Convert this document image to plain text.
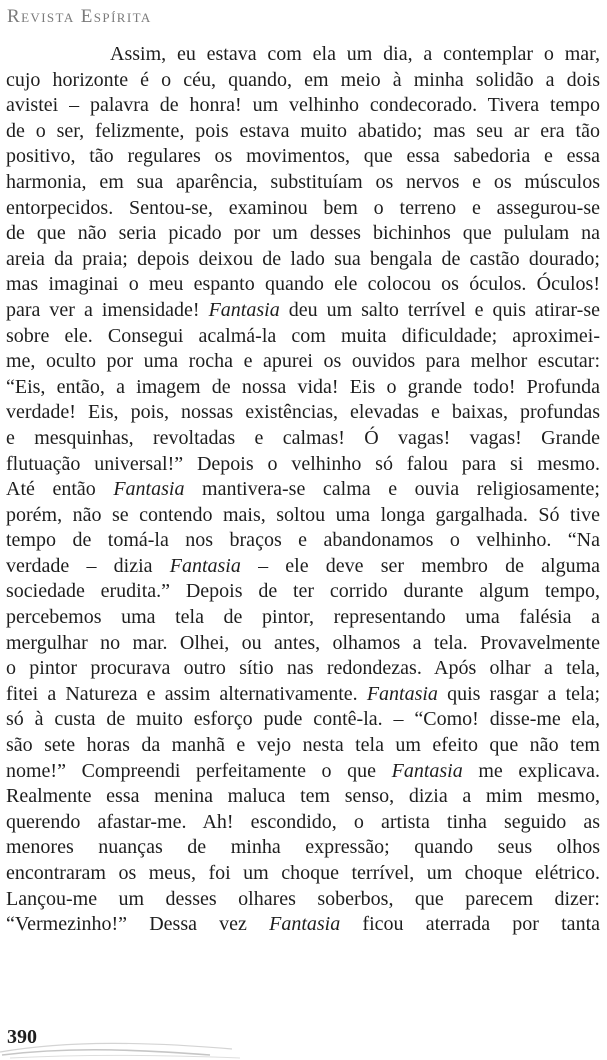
Revista Espírita
Assim, eu estava com ela um dia, a contemplar o mar,
cujo horizonte é o céu, quando, em meio à minha solidão a dois
avistei – palavra de honra! um velhinho condecorado. Tivera tempo
de o ser, felizmente, pois estava muito abatido; mas seu ar era tão
positivo, tão regulares os movimentos, que essa sabedoria e essa
harmonia, em sua aparência, substituíam os nervos e os músculos
entorpecidos. Sentou-se, examinou bem o terreno e assegurou-se
de que não seria picado por um desses bichinhos que pululam na
areia da praia; depois deixou de lado sua bengala de castão dourado;
mas imaginai o meu espanto quando ele colocou os óculos. Óculos!
para ver a imensidade! Fantasia deu um salto terrível e quis atirar-se
sobre ele. Consegui acalmá-la com muita dificuldade; aproximei-
me, oculto por uma rocha e apurei os ouvidos para melhor escutar:
“Eis, então, a imagem de nossa vida! Eis o grande todo! Profunda
verdade! Eis, pois, nossas existências, elevadas e baixas, profundas
e mesquinhas, revoltadas e calmas! Ó vagas! vagas! Grande
flutuação universal!” Depois o velhinho só falou para si mesmo.
Até então Fantasia mantivera-se calma e ouvia religiosamente;
porém, não se contendo mais, soltou uma longa gargalhada. Só tive
tempo de tomá-la nos braços e abandonamos o velhinho. “Na
verdade – dizia Fantasia – ele deve ser membro de alguma
sociedade erudita.” Depois de ter corrido durante algum tempo,
percebemos uma tela de pintor, representando uma falésia a
mergulhar no mar. Olhei, ou antes, olhamos a tela. Provavelmente
o pintor procurava outro sítio nas redondezas. Após olhar a tela,
fitei a Natureza e assim alternativamente. Fantasia quis rasgar a tela;
só à custa de muito esforço pude contê-la. – “Como! disse-me ela,
são sete horas da manhã e vejo nesta tela um efeito que não tem
nome!” Compreendi perfeitamente o que Fantasia me explicava.
Realmente essa menina maluca tem senso, dizia a mim mesmo,
querendo afastar-me. Ah! escondido, o artista tinha seguido as
menores nuanças de minha expressão; quando seus olhos
encontraram os meus, foi um choque terrível, um choque elétrico.
Lançou-me um desses olhares soberbos, que parecem dizer:
“Vermezinho!” Dessa vez Fantasia ficou aterrada por tanta
390
